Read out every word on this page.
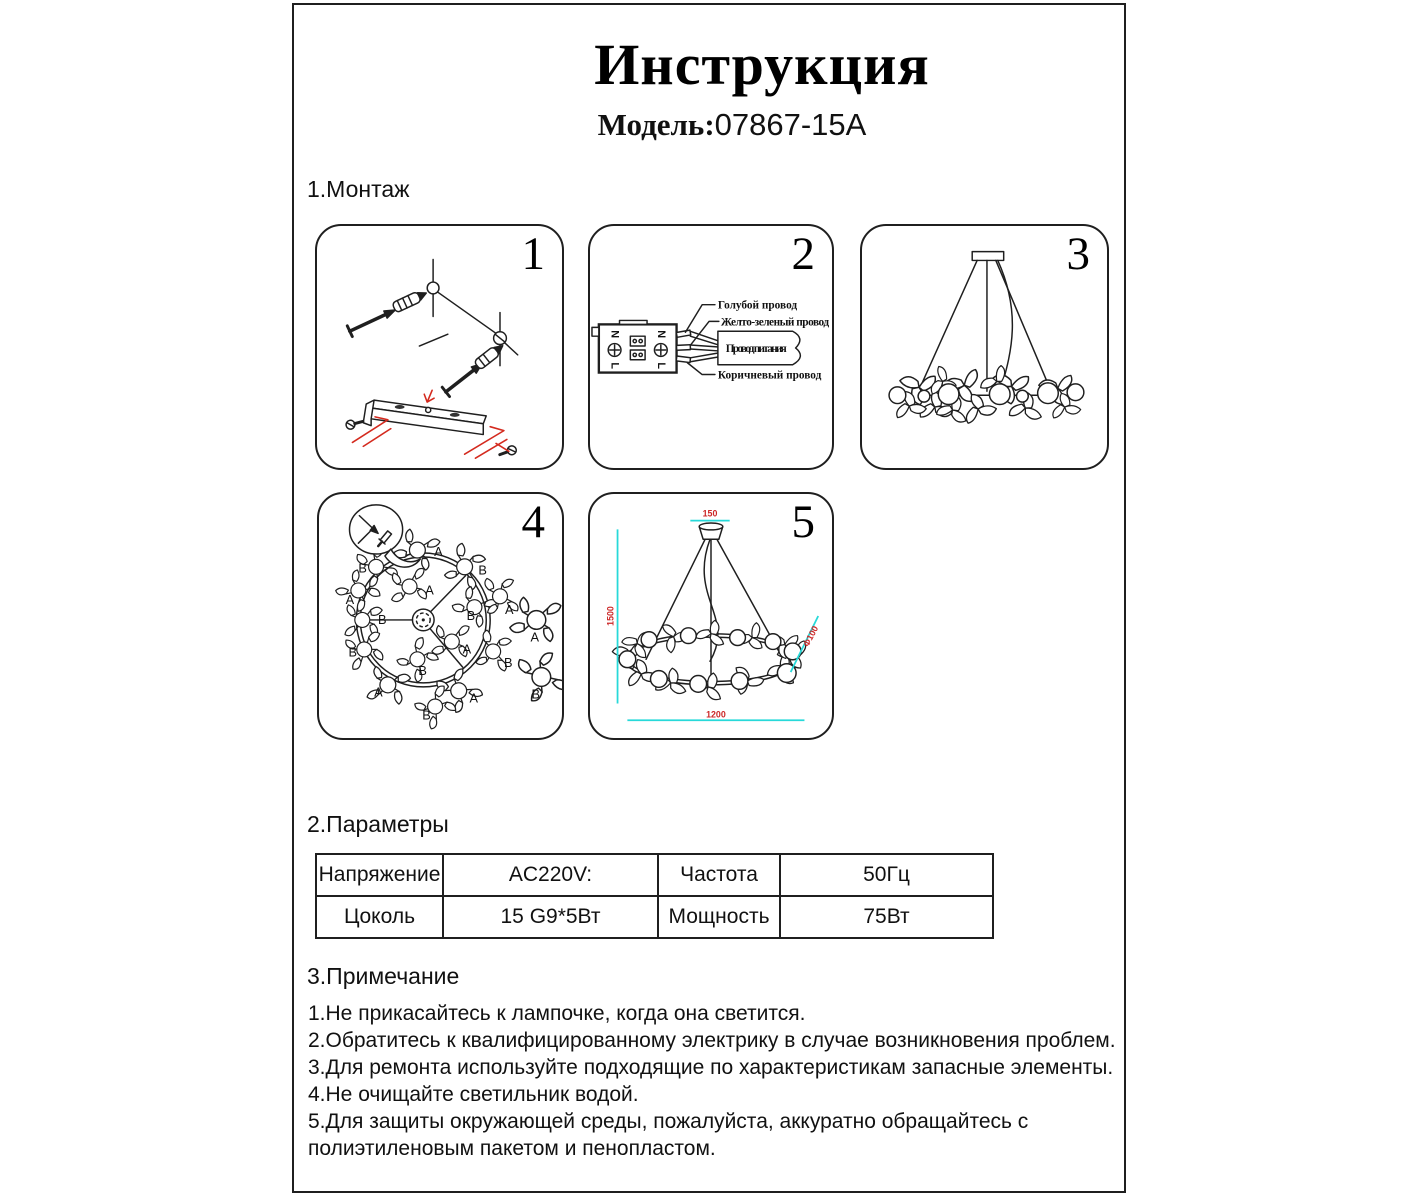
Инструкция
Модель:07867-15A
1.Монтаж
1
N
L
N
L
Провод питания
Голубой провод
Желто-зеленый провод
Коричневый провод
2	3
A
B
A
B
B A
A
B
B	A
B
B
A	A
B
A
B
4	150
1500
1200
Φ100
5
2.Параметры
Напряжение	AC220V:	Частота	50Гц
Цоколь	15 G9*5Вт	Мощность	75Вт
3.Примечание
1.Не прикасайтесь к лампочке, когда она светится.
2.Обратитесь к квалифицированному электрику в случае возникновения проблем.
3.Для ремонта используйте подходящие по характеристикам запасные элементы.
4.Не очищайте светильник водой.
5.Для защиты окружающей среды, пожалуйста, аккуратно обращайтесь с полиэтиленовым пакетом и пенопластом.
